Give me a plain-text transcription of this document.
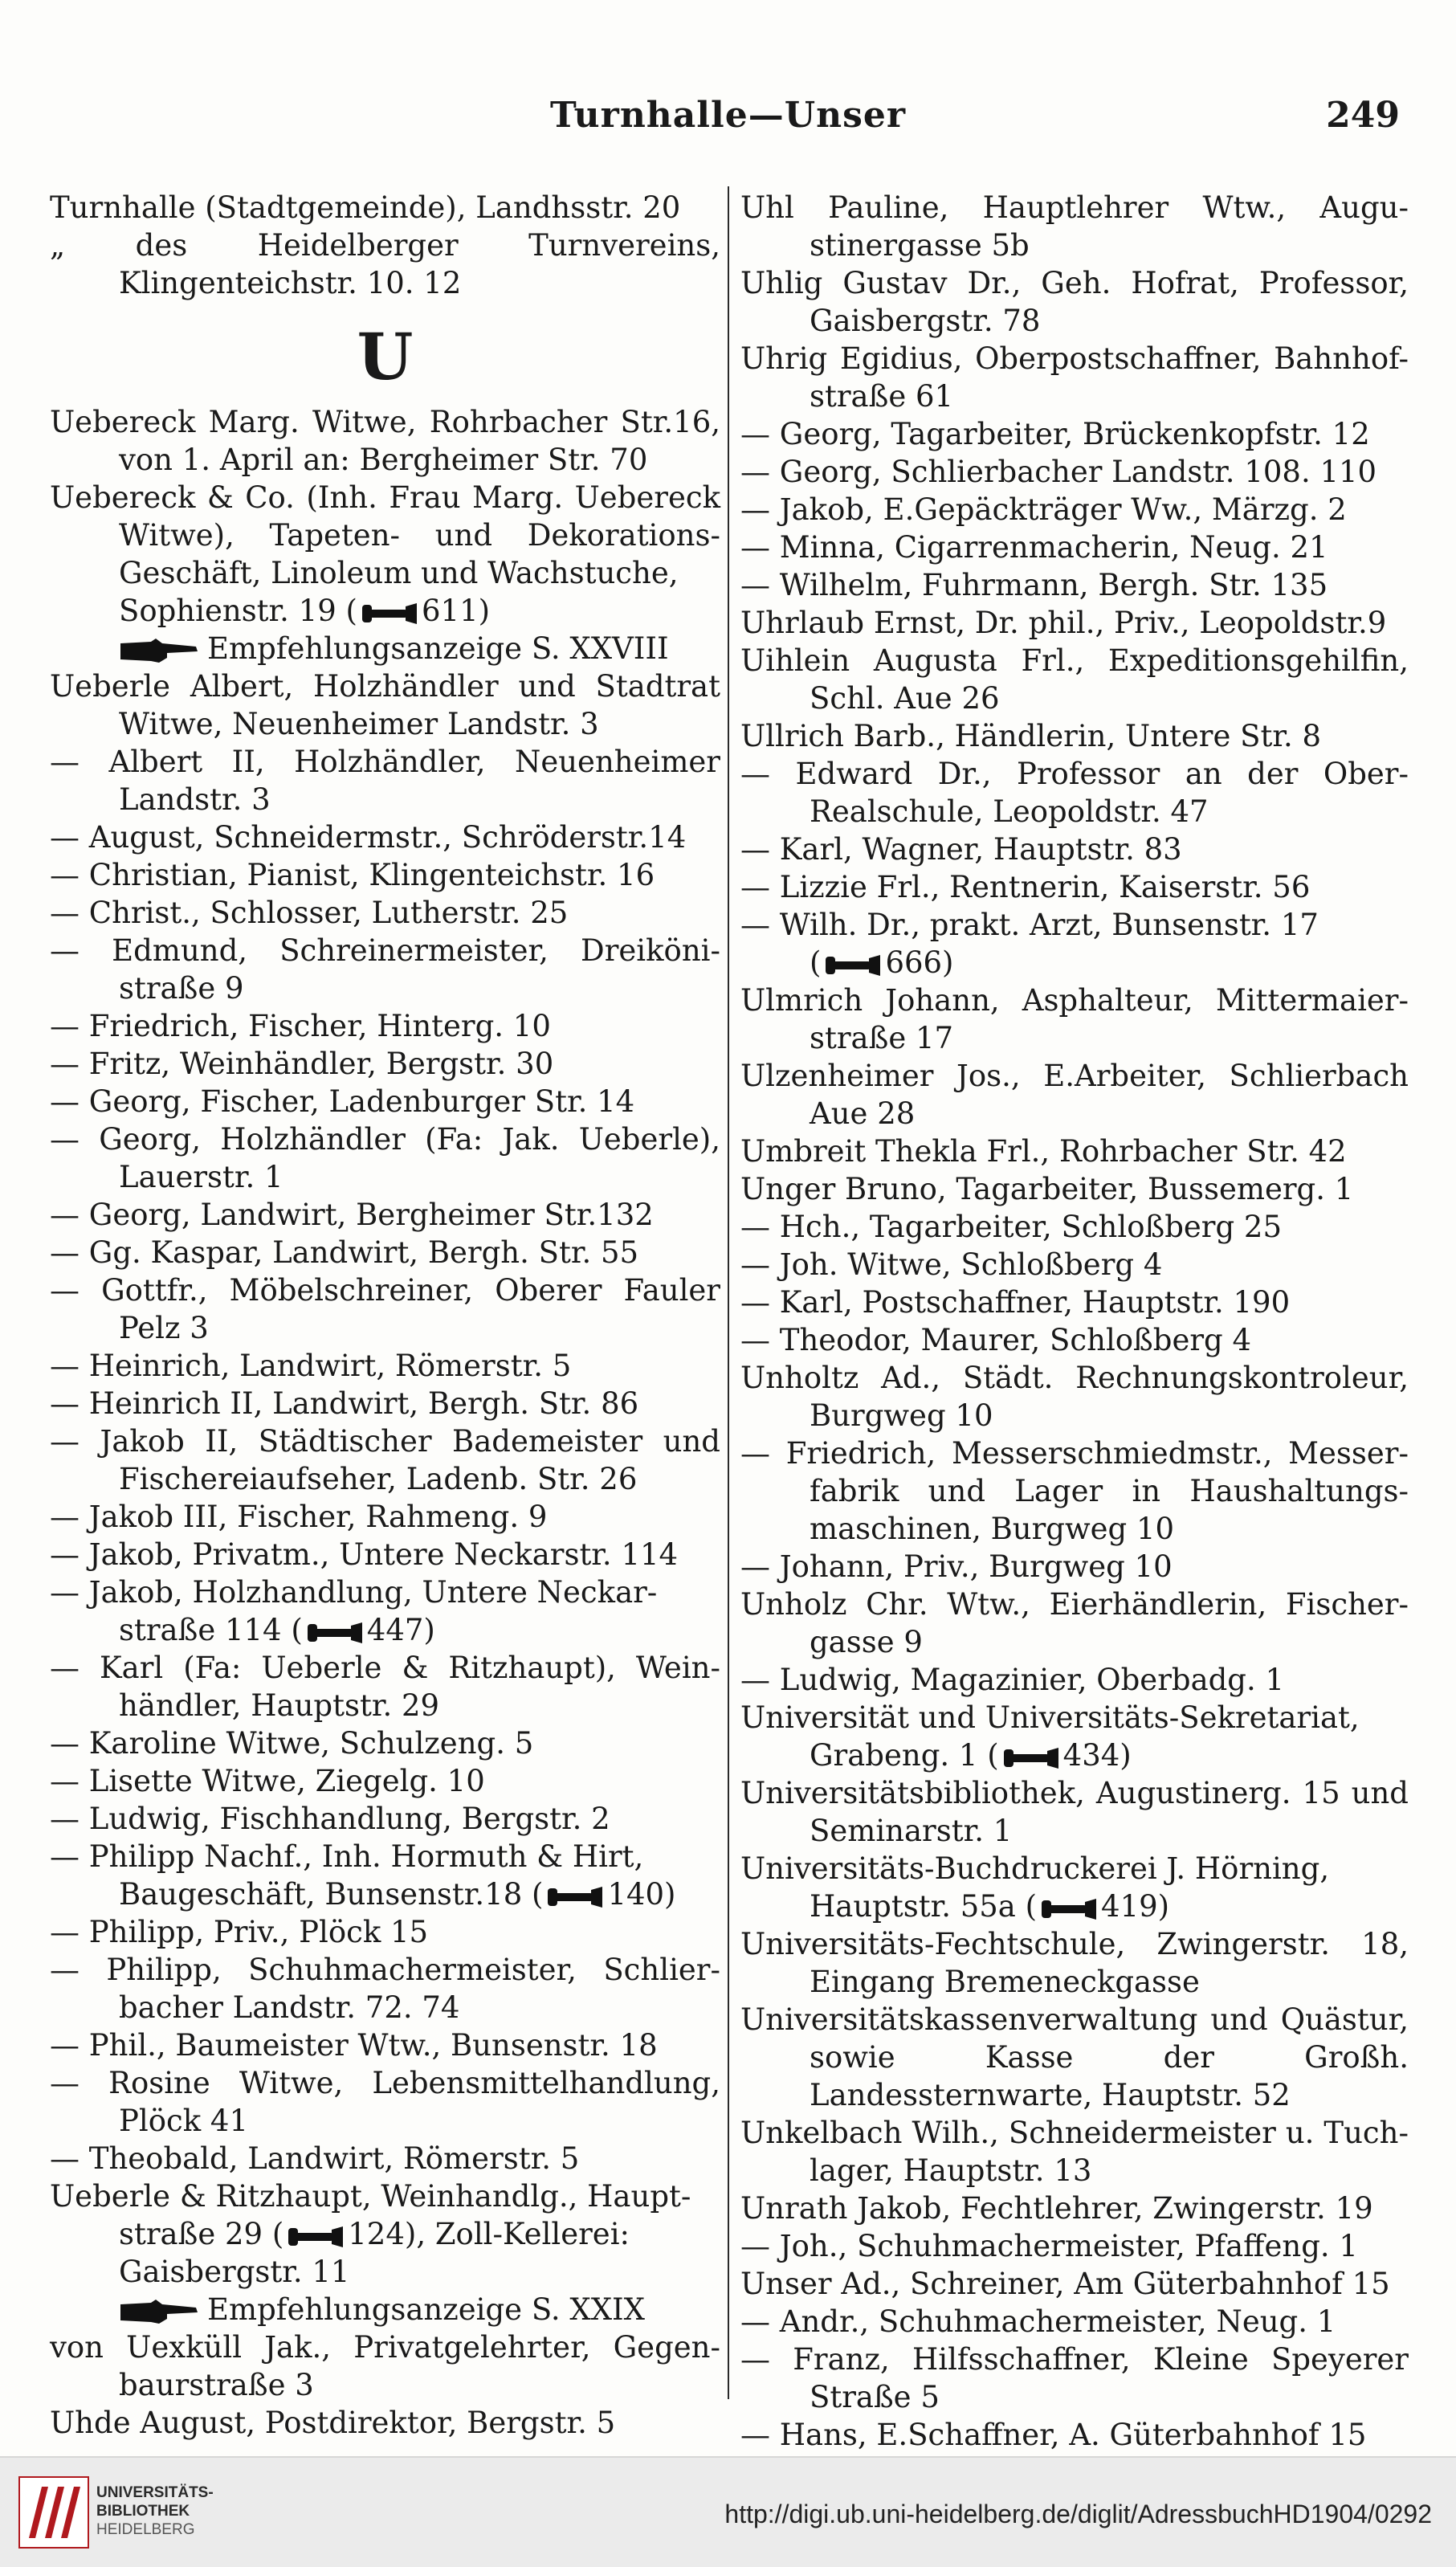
Turnhalle—Unser	249
Turnhalle (Stadtgemeinde), Landhsstr. 20
„ des Heidelberger Turnvereins, Klingenteichstr. 10. 12
U
Uebereck Marg. Witwe, Rohrbacher Str.16, von 1. April an: Bergheimer Str. 70
Uebereck & Co. (Inh. Frau Marg. Uebereck Witwe), Tapeten- und Dekorations- Geschäft, Linoleum und Wachstuche,
Sophienstr. 19 ( 611)
Empfehlungsanzeige S. XXVIII
Ueberle Albert, Holzhändler und Stadtrat Witwe, Neuenheimer Landstr. 3
— Albert II, Holzhändler, Neuenheimer Landstr. 3
— August, Schneidermstr., Schröderstr.14
— Christian, Pianist, Klingenteichstr. 16
— Christ., Schlosser, Lutherstr. 25
— Edmund, Schreinermeister, Dreiköni- straße 9
— Friedrich, Fischer, Hinterg. 10
— Fritz, Weinhändler, Bergstr. 30
— Georg, Fischer, Ladenburger Str. 14
— Georg, Holzhändler (Fa: Jak. Ueberle), Lauerstr. 1
— Georg, Landwirt, Bergheimer Str.132
— Gg. Kaspar, Landwirt, Bergh. Str. 55
— Gottfr., Möbelschreiner, Oberer Fauler Pelz 3
— Heinrich, Landwirt, Römerstr. 5
— Heinrich II, Landwirt, Bergh. Str. 86
— Jakob II, Städtischer Bademeister und Fischereiaufseher, Ladenb. Str. 26
— Jakob III, Fischer, Rahmeng. 9
— Jakob, Privatm., Untere Neckarstr. 114
— Jakob, Holzhandlung, Untere Neckar-
straße 114 ( 447)
— Karl (Fa: Ueberle & Ritzhaupt), Wein- händler, Hauptstr. 29
— Karoline Witwe, Schulzeng. 5
— Lisette Witwe, Ziegelg. 10
— Ludwig, Fischhandlung, Bergstr. 2
— Philipp Nachf., Inh. Hormuth & Hirt,
Baugeschäft, Bunsenstr.18 ( 140)
— Philipp, Priv., Plöck 15
— Philipp, Schuhmachermeister, Schlier- bacher Landstr. 72. 74
— Phil., Baumeister Wtw., Bunsenstr. 18
— Rosine Witwe, Lebensmittelhandlung, Plöck 41
— Theobald, Landwirt, Römerstr. 5
Ueberle & Ritzhaupt, Weinhandlg., Haupt-
straße 29 ( 124), Zoll-Kellerei:
Gaisbergstr. 11
Empfehlungsanzeige S. XXIX
von Uexküll Jak., Privatgelehrter, Gegen- baurstraße 3
Uhde August, Postdirektor, Bergstr. 5
Uhl Pauline, Hauptlehrer Wtw., Augu- stinergasse 5b
Uhlig Gustav Dr., Geh. Hofrat, Professor, Gaisbergstr. 78
Uhrig Egidius, Oberpostschaffner, Bahnhof- straße 61
— Georg, Tagarbeiter, Brückenkopfstr. 12
— Georg, Schlierbacher Landstr. 108. 110
— Jakob, E.Gepäckträger Ww., Märzg. 2
— Minna, Cigarrenmacherin, Neug. 21
— Wilhelm, Fuhrmann, Bergh. Str. 135
Uhrlaub Ernst, Dr. phil., Priv., Leopoldstr.9
Uihlein Augusta Frl., Expeditionsgehilfin, Schl. Aue 26
Ullrich Barb., Händlerin, Untere Str. 8
— Edward Dr., Professor an der Ober- Realschule, Leopoldstr. 47
— Karl, Wagner, Hauptstr. 83
— Lizzie Frl., Rentnerin, Kaiserstr. 56
— Wilh. Dr., prakt. Arzt, Bunsenstr. 17
( 666)
Ulmrich Johann, Asphalteur, Mittermaier- straße 17
Ulzenheimer Jos., E.Arbeiter, Schlierbach Aue 28
Umbreit Thekla Frl., Rohrbacher Str. 42
Unger Bruno, Tagarbeiter, Bussemerg. 1
— Hch., Tagarbeiter, Schloßberg 25
— Joh. Witwe, Schloßberg 4
— Karl, Postschaffner, Hauptstr. 190
— Theodor, Maurer, Schloßberg 4
Unholtz Ad., Städt. Rechnungskontroleur, Burgweg 10
— Friedrich, Messerschmiedmstr., Messer- fabrik und Lager in Haushaltungs- maschinen, Burgweg 10
— Johann, Priv., Burgweg 10
Unholz Chr. Wtw., Eierhändlerin, Fischer- gasse 9
— Ludwig, Magazinier, Oberbadg. 1
Universität und Universitäts-Sekretariat,
Grabeng. 1 ( 434)
Universitätsbibliothek, Augustinerg. 15 und Seminarstr. 1
Universitäts-Buchdruckerei J. Hörning,
Hauptstr. 55a ( 419)
Universitäts-Fechtschule, Zwingerstr. 18, Eingang Bremeneckgasse
Universitätskassenverwaltung und Quästur, sowie Kasse der Großh. Landessternwarte, Hauptstr. 52
Unkelbach Wilh., Schneidermeister u. Tuch- lager, Hauptstr. 13
Unrath Jakob, Fechtlehrer, Zwingerstr. 19
— Joh., Schuhmachermeister, Pfaffeng. 1
Unser Ad., Schreiner, Am Güterbahnhof 15
— Andr., Schuhmachermeister, Neug. 1
— Franz, Hilfsschaffner, Kleine Speyerer Straße 5
— Hans, E.Schaffner, A. Güterbahnhof 15
UNIVERSITÄTS-
BIBLIOTHEK
HEIDELBERG
http://digi.ub.uni-heidelberg.de/diglit/AdressbuchHD1904/0292
